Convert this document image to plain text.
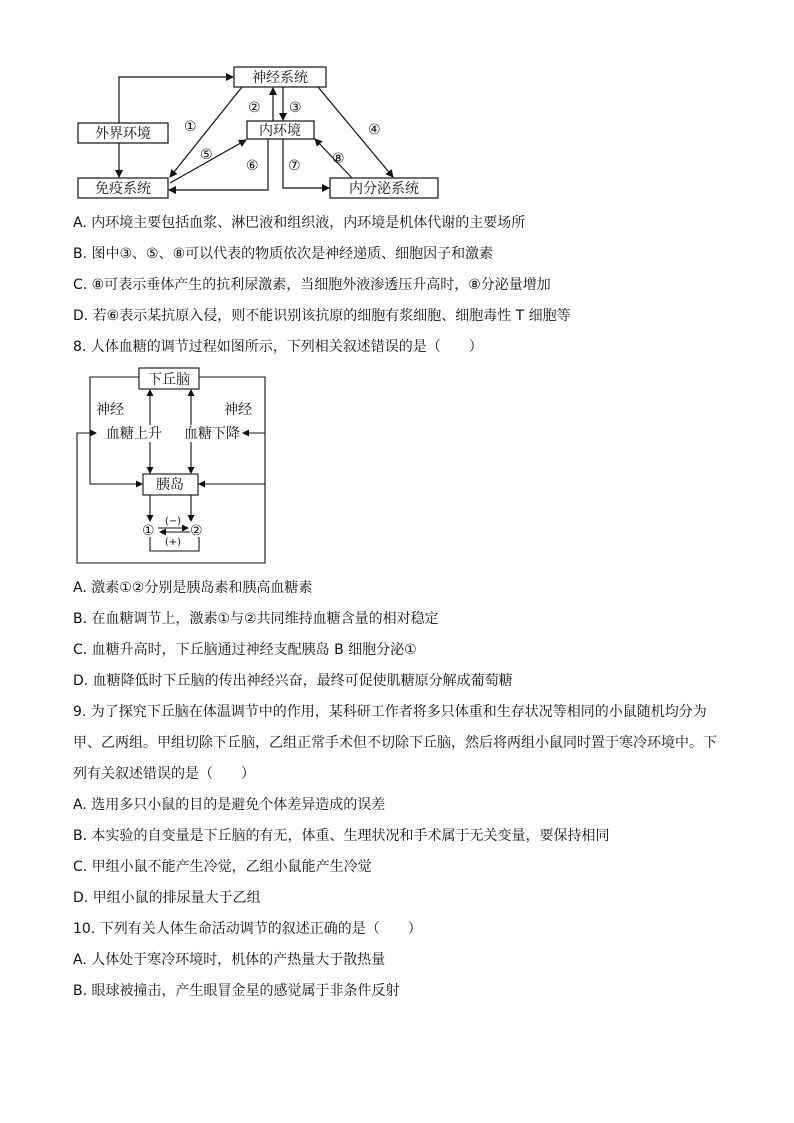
神经系统
外界环境	内环境
免疫系统	内分泌系统
①
② ③
④
⑤
⑥ ⑦ ⑧
A. 内环境主要包括血浆、淋巴液和组织液，内环境是机体代谢的主要场所
B. 图中③、⑤、⑧可以代表的物质依次是神经递质、细胞因子和激素
C. ⑧可表示垂体产生的抗利尿激素，当细胞外液渗透压升高时，⑧分泌量增加
D. 若⑥表示某抗原入侵，则不能识别该抗原的细胞有浆细胞、细胞毒性 T 细胞等
8. 人体血糖的调节过程如图所示，下列相关叙述错误的是（　　）
下丘脑
神经	神经
血糖上升 血糖下降
胰岛
①	②
(−)
(+)
A. 激素①②分别是胰岛素和胰高血糖素
B. 在血糖调节上，激素①与②共同维持血糖含量的相对稳定
C. 血糖升高时，下丘脑通过神经支配胰岛 B 细胞分泌①
D. 血糖降低时下丘脑的传出神经兴奋，最终可促使肌糖原分解成葡萄糖
9. 为了探究下丘脑在体温调节中的作用，某科研工作者将多只体重和生存状况等相同的小鼠随机均分为
甲、乙两组。甲组切除下丘脑，乙组正常手术但不切除下丘脑，然后将两组小鼠同时置于寒冷环境中。下
列有关叙述错误的是（　　）
A. 选用多只小鼠的目的是避免个体差异造成的误差
B. 本实验的自变量是下丘脑的有无，体重、生理状况和手术属于无关变量，要保持相同
C. 甲组小鼠不能产生冷觉，乙组小鼠能产生冷觉
D. 甲组小鼠的排尿量大于乙组
10. 下列有关人体生命活动调节的叙述正确的是（　　）
A. 人体处于寒冷环境时，机体的产热量大于散热量
B. 眼球被撞击，产生眼冒金星的感觉属于非条件反射
